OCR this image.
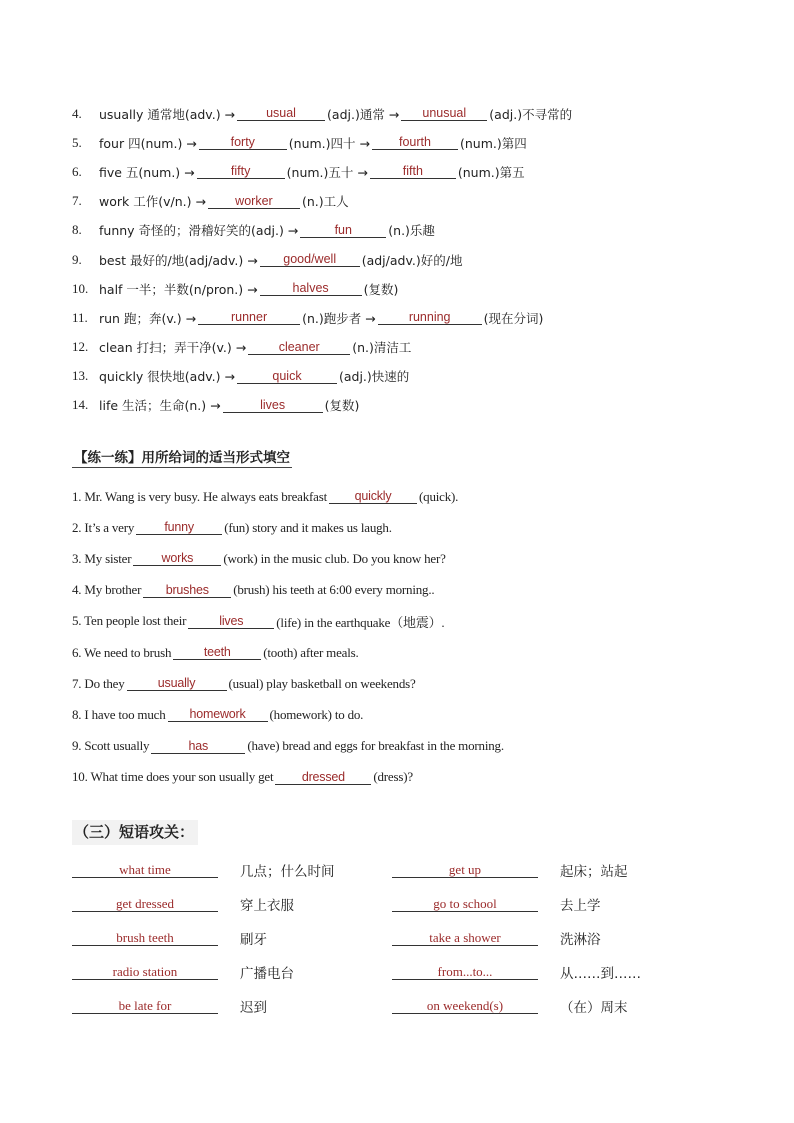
4.	usually 通常地(adv.) →	usual	(adj.)通常 →	unusual	(adj.)不寻常的
5.	four 四(num.) →	forty	(num.)四十 →	fourth	(num.)第四
6.	five 五(num.) →	fifty	(num.)五十 →	fifth	(num.)第五
7.	work 工作(v/n.) →	worker	(n.)工人
8.	funny 奇怪的；滑稽好笑的(adj.) →	fun	(n.)乐趣
9.	best 最好的/地(adj/adv.) →	good/well	(adj/adv.)好的/地
10. half 一半；半数(n/pron.) →	halves	(复数)
11. run 跑；奔(v.) →	runner	(n.)跑步者 →	running	(现在分词)
12. clean 打扫；弄干净(v.) →	cleaner	(n.)清洁工
13. quickly 很快地(adv.) →	quick	(adj.)快速的
14. life 生活；生命(n.) →	lives	(复数)
【练一练】用所给词的适当形式填空
1. Mr. Wang is very busy. He always eats breakfast	quickly	(quick).
2. It’s a very	funny	(fun) story and it makes us laugh.
3. My sister	works	(work) in the music club. Do you know her?
4. My brother	brushes	(brush) his teeth at 6:00 every morning..
5. Ten people lost their	lives	(life) in the earthquake（地震）.
6. We need to brush	teeth	(tooth) after meals.
7. Do they	usually	(usual) play basketball on weekends?
8. I have too much	homework	(homework) to do.
9. Scott usually	has	(have) bread and eggs for breakfast in the morning.
10. What time does your son usually get	dressed	(dress)?
（三）短语攻关：
what time	几点；什么时间	get up	起床；站起
get dressed	穿上衣服	go to school	去上学
brush teeth	刷牙	take a shower	洗淋浴
radio station	广播电台	from...to...	从……到……
be late for	迟到	on weekend(s)	（在）周末
